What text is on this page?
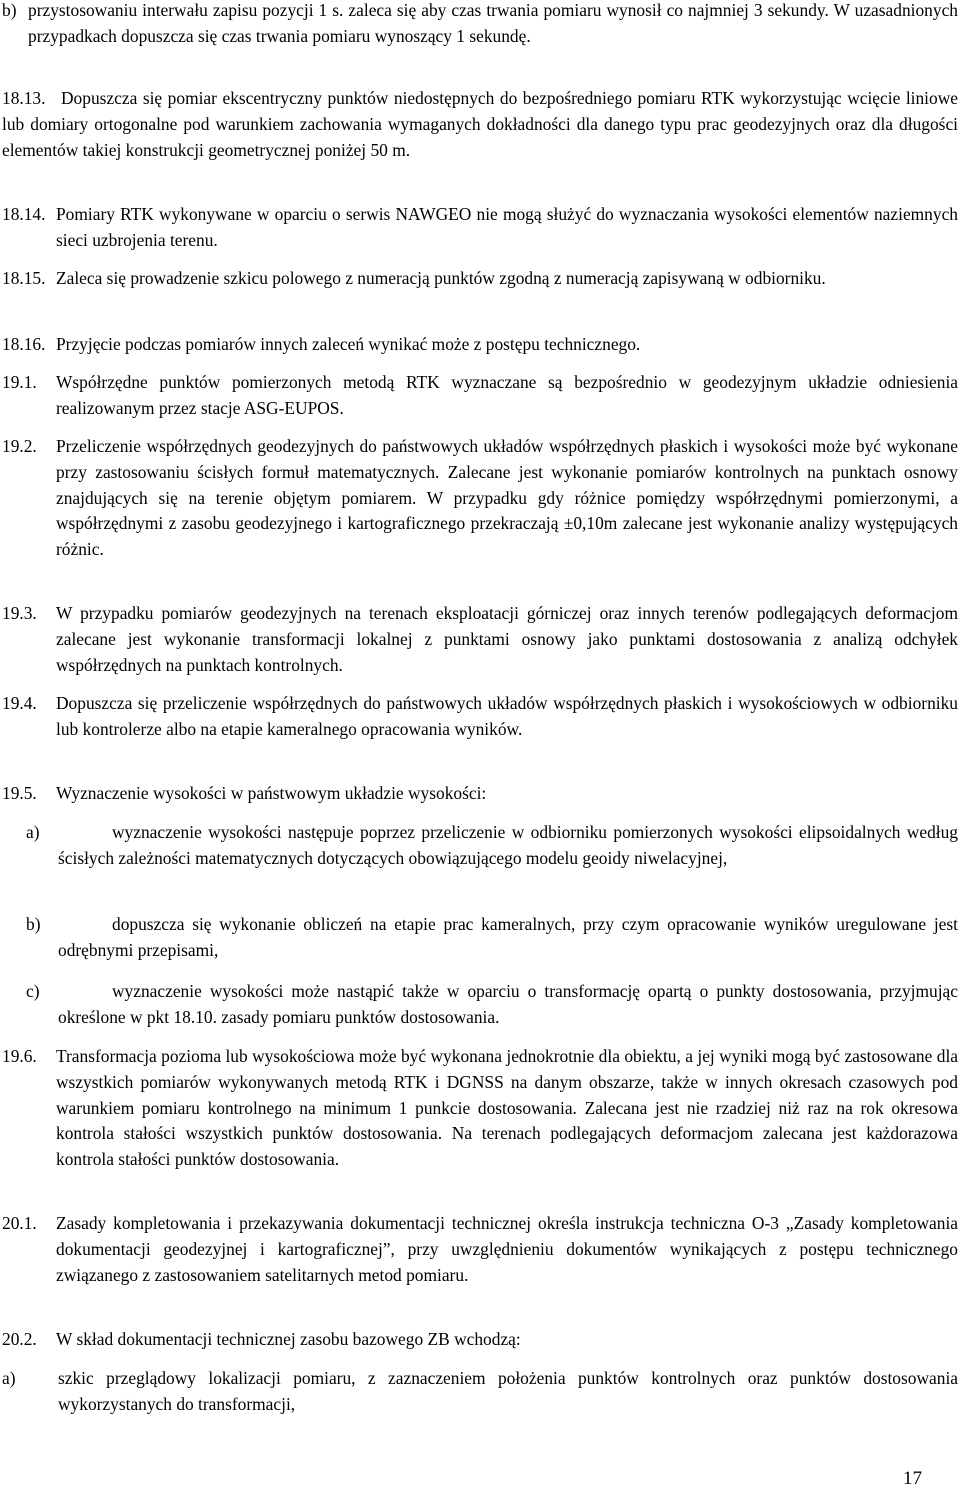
b) przystosowaniu interwału zapisu pozycji 1 s. zaleca się aby czas trwania pomiaru wynosił co najmniej 3 sekundy. W uzasadnionych przypadkach dopuszcza się czas trwania pomiaru wynoszący 1 sekundę.
18.13. Dopuszcza się pomiar ekscentryczny punktów niedostępnych do bezpośredniego pomiaru RTK wykorzystując wcięcie liniowe lub domiary ortogonalne pod warunkiem zachowania wymaganych dokładności dla danego typu prac geodezyjnych oraz dla długości elementów takiej konstrukcji geometrycznej poniżej 50 m.
18.14. Pomiary RTK wykonywane w oparciu o serwis NAWGEO nie mogą służyć do wyznaczania wysokości elementów naziemnych sieci uzbrojenia terenu.
18.15. Zaleca się prowadzenie szkicu polowego z numeracją punktów zgodną z numeracją zapisywaną w odbiorniku.
18.16. Przyjęcie podczas pomiarów innych zaleceń wynikać może z postępu technicznego.
19.1. Współrzędne punktów pomierzonych metodą RTK wyznaczane są bezpośrednio w geodezyjnym układzie odniesienia realizowanym przez stacje ASG-EUPOS.
19.2. Przeliczenie współrzędnych geodezyjnych do państwowych układów współrzędnych płaskich i wysokości może być wykonane przy zastosowaniu ścisłych formuł matematycznych. Zalecane jest wykonanie pomiarów kontrolnych na punktach osnowy znajdujących się na terenie objętym pomiarem. W przypadku gdy różnice pomiędzy współrzędnymi pomierzonymi, a współrzędnymi z zasobu geodezyjnego i kartograficznego przekraczają ±0,10m zalecane jest wykonanie analizy występujących różnic.
19.3. W przypadku pomiarów geodezyjnych na terenach eksploatacji górniczej oraz innych terenów podlegających deformacjom zalecane jest wykonanie transformacji lokalnej z punktami osnowy jako punktami dostosowania z analizą odchyłek współrzędnych na punktach kontrolnych.
19.4. Dopuszcza się przeliczenie współrzędnych do państwowych układów współrzędnych płaskich i wysokościowych w odbiorniku lub kontrolerze albo na etapie kameralnego opracowania wyników.
19.5. Wyznaczenie wysokości w państwowym układzie wysokości:
a)	wyznaczenie wysokości następuje poprzez przeliczenie w odbiorniku pomierzonych wysokości elipsoidalnych według ścisłych zależności matematycznych dotyczących obowiązującego modelu geoidy niwelacyjnej,
b)	dopuszcza się wykonanie obliczeń na etapie prac kameralnych, przy czym opracowanie wyników uregulowane jest odrębnymi przepisami,
c)	wyznaczenie wysokości może nastąpić także w oparciu o transformację opartą o punkty dostosowania, przyjmując określone w pkt 18.10. zasady pomiaru punktów dostosowania.
19.6. Transformacja pozioma lub wysokościowa może być wykonana jednokrotnie dla obiektu, a jej wyniki mogą być zastosowane dla wszystkich pomiarów wykonywanych metodą RTK i DGNSS na danym obszarze, także w innych okresach czasowych pod warunkiem pomiaru kontrolnego na minimum 1 punkcie dostosowania. Zalecana jest nie rzadziej niż raz na rok okresowa kontrola stałości wszystkich punktów dostosowania. Na terenach podlegających deformacjom zalecana jest każdorazowa kontrola stałości punktów dostosowania.
20.1. Zasady kompletowania i przekazywania dokumentacji technicznej określa instrukcja techniczna O-3 „Zasady kompletowania dokumentacji geodezyjnej i kartograficznej”, przy uwzględnieniu dokumentów wynikających z postępu technicznego związanego z zastosowaniem satelitarnych metod pomiaru.
20.2. W skład dokumentacji technicznej zasobu bazowego ZB wchodzą:
a) szkic przeglądowy lokalizacji pomiaru, z zaznaczeniem położenia punktów kontrolnych oraz punktów dostosowania wykorzystanych do transformacji,
17
